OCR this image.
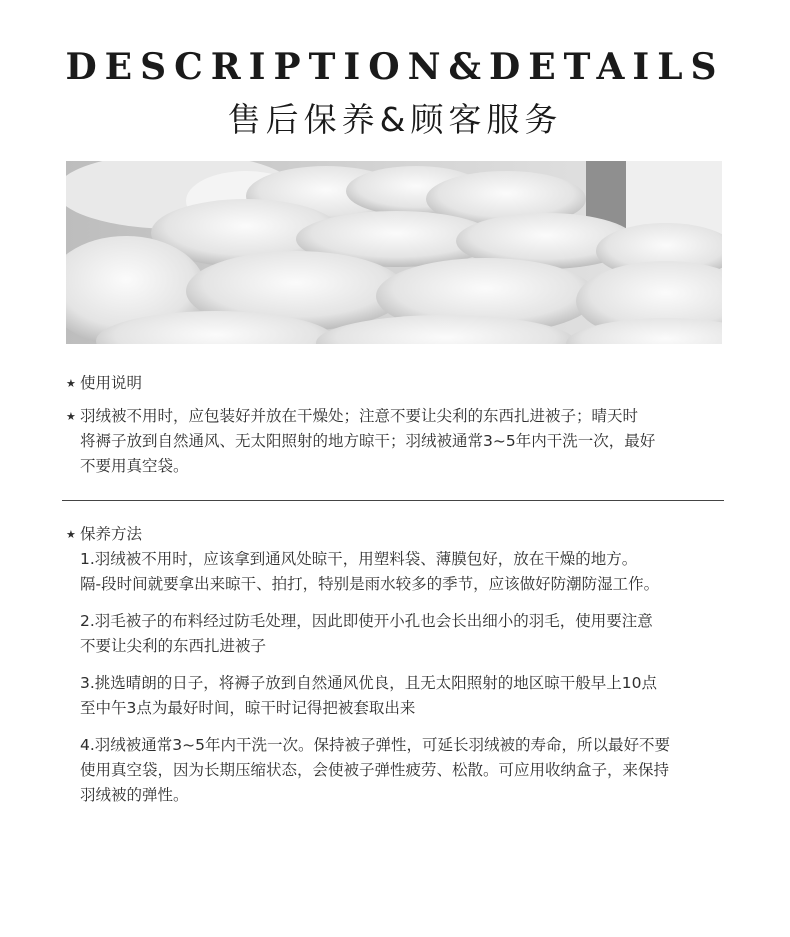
DESCRIPTION&DETAILS
售后保养&顾客服务
★ 使用说明
★ 羽绒被不用时，应包装好并放在干燥处；注意不要让尖利的东西扎进被子；晴天时
将褥子放到自然通风、无太阳照射的地方晾干；羽绒被通常3~5年内干洗一次，最好
不要用真空袋。
★ 保养方法
1.羽绒被不用时，应该拿到通风处晾干，用塑料袋、薄膜包好，放在干燥的地方。
隔-段时间就要拿出来晾干、拍打，特别是雨水较多的季节，应该做好防潮防湿工作。
2.羽毛被子的布料经过防毛处理，因此即使开小孔也会长出细小的羽毛，使用要注意
不要让尖利的东西扎进被子
3.挑选晴朗的日子，将褥子放到自然通风优良，且无太阳照射的地区晾干般早上10点
至中午3点为最好时间，晾干时记得把被套取出来
4.羽绒被通常3~5年内干洗一次。保持被子弹性，可延长羽绒被的寿命，所以最好不要
使用真空袋，因为长期压缩状态，会使被子弹性疲劳、松散。可应用收纳盒子，来保持
羽绒被的弹性。
